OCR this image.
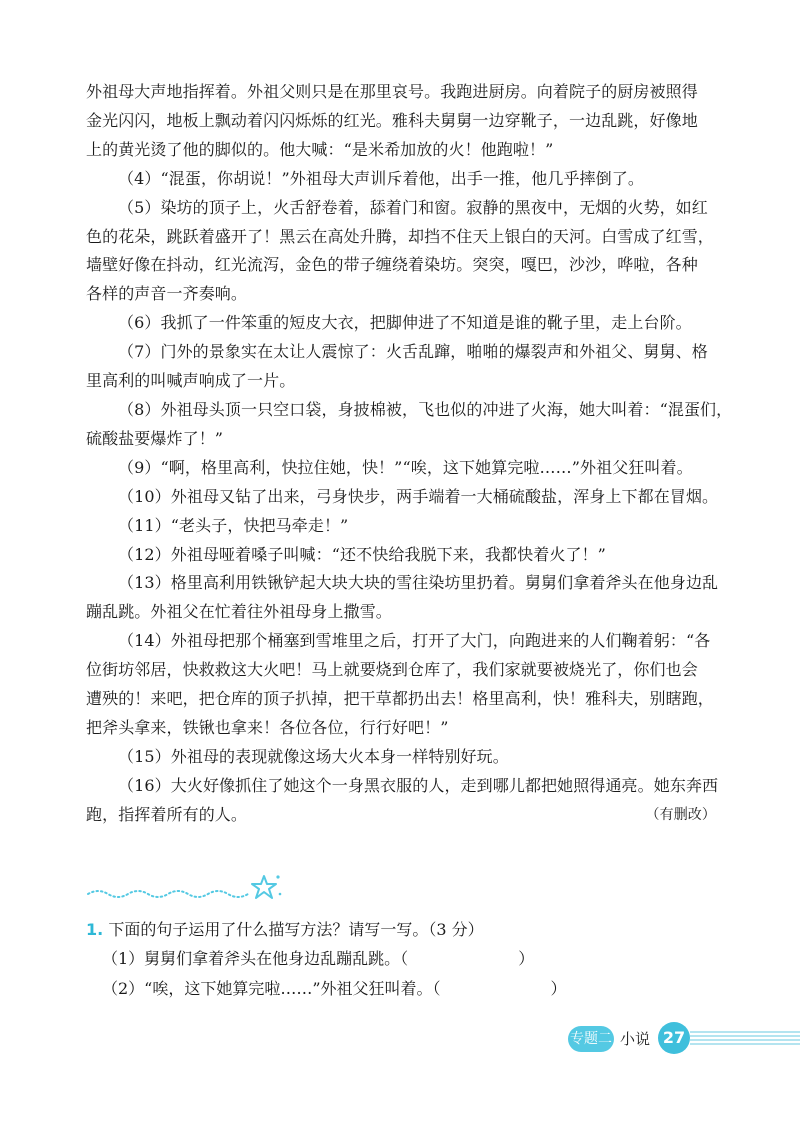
外祖母大声地指挥着。外祖父则只是在那里哀号。我跑进厨房。向着院子的厨房被照得
金光闪闪，地板上飘动着闪闪烁烁的红光。雅科夫舅舅一边穿靴子，一边乱跳，好像地
上的黄光烫了他的脚似的。他大喊：“是米希加放的火！他跑啦！”
（4）“混蛋，你胡说！”外祖母大声训斥着他，出手一推，他几乎摔倒了。
（5）染坊的顶子上，火舌舒卷着，舔着门和窗。寂静的黑夜中，无烟的火势，如红
色的花朵，跳跃着盛开了！黑云在高处升腾，却挡不住天上银白的天河。白雪成了红雪，
墙壁好像在抖动，红光流泻，金色的带子缠绕着染坊。突突，嘎巴，沙沙，哗啦，各种
各样的声音一齐奏响。
（6）我抓了一件笨重的短皮大衣，把脚伸进了不知道是谁的靴子里，走上台阶。
（7）门外的景象实在太让人震惊了：火舌乱蹿，啪啪的爆裂声和外祖父、舅舅、格
里高利的叫喊声响成了一片。
（8）外祖母头顶一只空口袋，身披棉被，飞也似的冲进了火海，她大叫着：“混蛋们，
硫酸盐要爆炸了！”
（9）“啊，格里高利，快拉住她，快！”“唉，这下她算完啦……”外祖父狂叫着。
（10）外祖母又钻了出来，弓身快步，两手端着一大桶硫酸盐，浑身上下都在冒烟。
（11）“老头子，快把马牵走！”
（12）外祖母哑着嗓子叫喊：“还不快给我脱下来，我都快着火了！”
（13）格里高利用铁锹铲起大块大块的雪往染坊里扔着。舅舅们拿着斧头在他身边乱
蹦乱跳。外祖父在忙着往外祖母身上撒雪。
（14）外祖母把那个桶塞到雪堆里之后，打开了大门，向跑进来的人们鞠着躬：“各
位街坊邻居，快救救这大火吧！马上就要烧到仓库了，我们家就要被烧光了，你们也会
遭殃的！来吧，把仓库的顶子扒掉，把干草都扔出去！格里高利，快！雅科夫，别瞎跑，
把斧头拿来，铁锹也拿来！各位各位，行行好吧！”
（15）外祖母的表现就像这场大火本身一样特别好玩。
（16）大火好像抓住了她这个一身黑衣服的人，走到哪儿都把她照得通亮。她东奔西
跑，指挥着所有的人。	（有删改）
1. 下面的句子运用了什么描写方法？请写一写。（3 分）
（1）舅舅们拿着斧头在他身边乱蹦乱跳。（	）
（2）“唉，这下她算完啦……”外祖父狂叫着。（	）
专题二 小说 27
